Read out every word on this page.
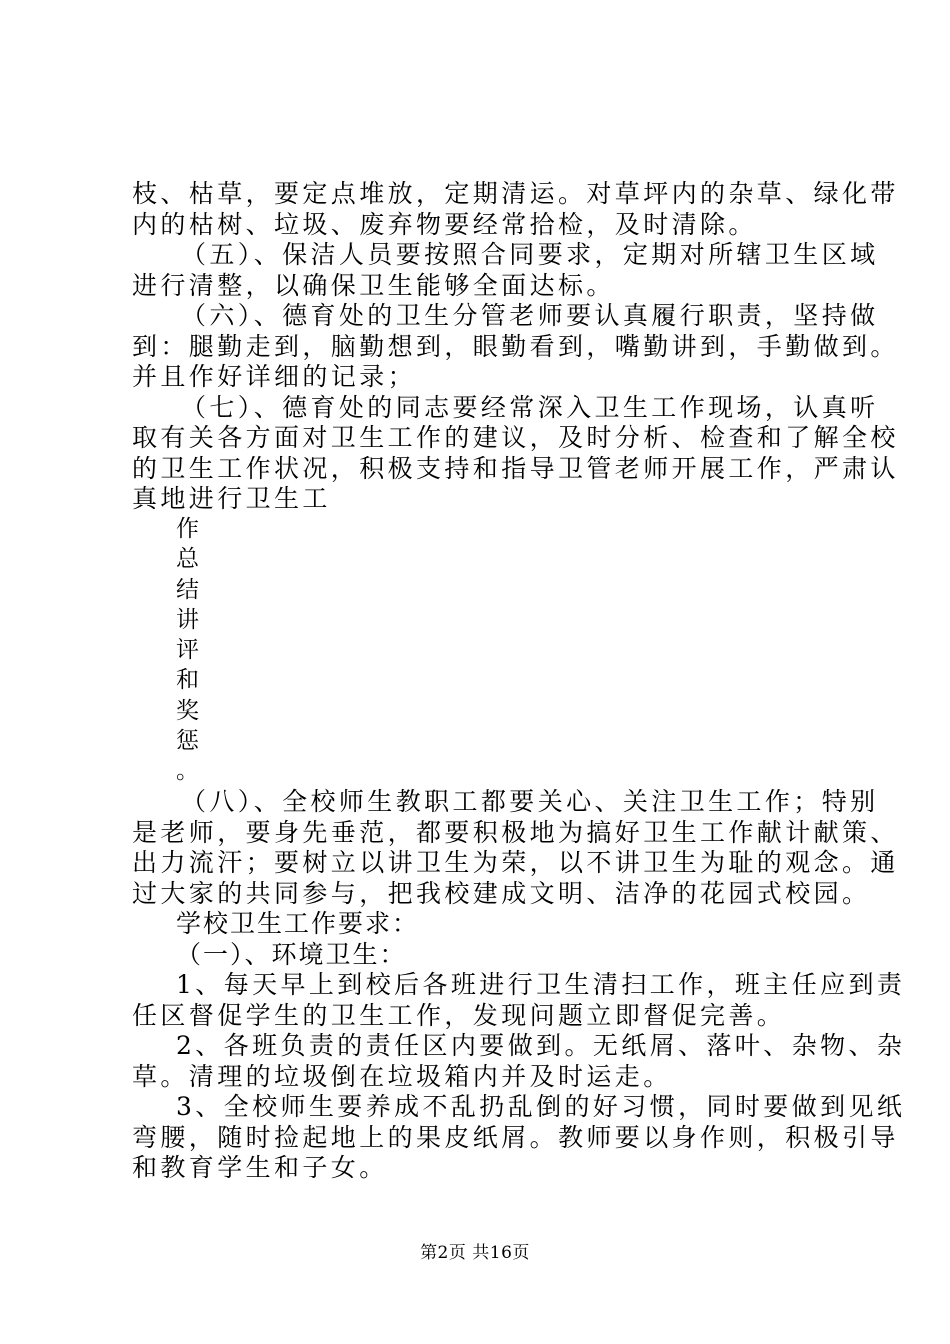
枝、枯草，要定点堆放，定期清运。对草坪内的杂草、绿化带
内的枯树、垃圾、废弃物要经常拾检，及时清除。
（五）、保洁人员要按照合同要求，定期对所辖卫生区域
进行清整，以确保卫生能够全面达标。
（六）、德育处的卫生分管老师要认真履行职责，坚持做
到：腿勤走到，脑勤想到，眼勤看到，嘴勤讲到，手勤做到。
并且作好详细的记录；
（七）、德育处的同志要经常深入卫生工作现场，认真听
取有关各方面对卫生工作的建议，及时分析、检查和了解全校
的卫生工作状况，积极支持和指导卫管老师开展工作，严肃认
真地进行卫生工
作
总
结
讲
评
和
奖
惩
。
（八）、全校师生教职工都要关心、关注卫生工作；特别
是老师，要身先垂范，都要积极地为搞好卫生工作献计献策、
出力流汗；要树立以讲卫生为荣，以不讲卫生为耻的观念。通
过大家的共同参与，把我校建成文明、洁净的花园式校园。
学校卫生工作要求：
（一）、环境卫生：
1、每天早上到校后各班进行卫生清扫工作，班主任应到责
任区督促学生的卫生工作，发现问题立即督促完善。
2、各班负责的责任区内要做到。无纸屑、落叶、杂物、杂
草。清理的垃圾倒在垃圾箱内并及时运走。
3、全校师生要养成不乱扔乱倒的好习惯，同时要做到见纸
弯腰，随时捡起地上的果皮纸屑。教师要以身作则，积极引导
和教育学生和子女。
第2页 共16页
